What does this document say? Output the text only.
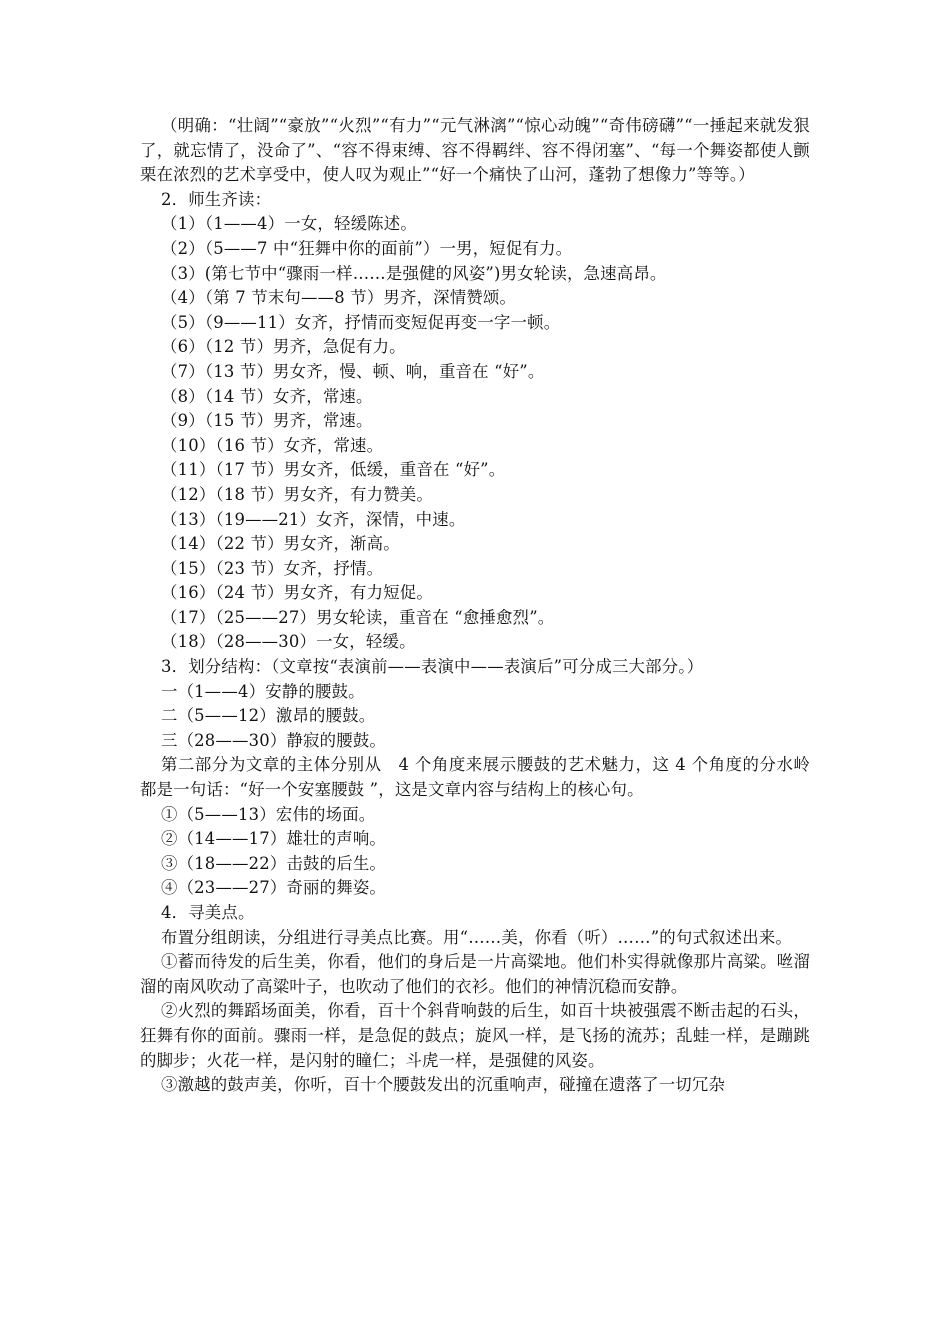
（明确：“壮阔”“豪放”“火烈”“有力”“元气淋漓”“惊心动魄”“奇伟磅礴”“一捶起来就发狠了，就忘情了，没命了”、“容不得束缚、容不得羁绊、容不得闭塞”、“每一个舞姿都使人颤栗在浓烈的艺术享受中，使人叹为观止”“好一个痛快了山河，蓬勃了想像力”等等。）

2．师生齐读：

（1）（1——4）一女，轻缓陈述。

（2）（5——7 中“狂舞中你的面前”）一男，短促有力。

（3）(第七节中“骤雨一样……是强健的风姿”)男女轮读，急速高昂。

（4）（第 7 节末句——8 节）男齐，深情赞颂。

（5）（9——11）女齐，抒情而变短促再变一字一顿。

（6）（12 节）男齐，急促有力。

（7）（13 节）男女齐，慢、顿、响，重音在 “好”。

（8）（14 节）女齐，常速。

（9）（15 节）男齐，常速。

（10）（16 节）女齐，常速。

（11）（17 节）男女齐，低缓，重音在 “好”。

（12）（18 节）男女齐，有力赞美。

（13）（19——21）女齐，深情，中速。

（14）（22 节）男女齐，渐高。

（15）（23 节）女齐，抒情。

（16）（24 节）男女齐，有力短促。

（17）（25——27）男女轮读，重音在 “愈捶愈烈”。

（18）（28——30）一女，轻缓。

3．划分结构：（文章按“表演前——表演中——表演后”可分成三大部分。）

一（1——4）安静的腰鼓。

二（5——12）激昂的腰鼓。

三（28——30）静寂的腰鼓。

第二部分为文章的主体分别从　4 个角度来展示腰鼓的艺术魅力，这 4 个角度的分水岭都是一句话：“好一个安塞腰鼓 ”，这是文章内容与结构上的核心句。

①（5——13）宏伟的场面。

②（14——17）雄壮的声响。

③（18——22）击鼓的后生。

④（23——27）奇丽的舞姿。

4．寻美点。

布置分组朗读，分组进行寻美点比赛。用“……美，你看（听）……”的句式叙述出来。

①蓄而待发的后生美，你看，他们的身后是一片高粱地。他们朴实得就像那片高粱。咝溜溜的南风吹动了高粱叶子，也吹动了他们的衣衫。他们的神情沉稳而安静。

②火烈的舞蹈场面美，你看，百十个斜背响鼓的后生，如百十块被强震不断击起的石头，狂舞有你的面前。骤雨一样，是急促的鼓点；旋风一样，是飞扬的流苏；乱蛙一样，是蹦跳的脚步；火花一样，是闪射的瞳仁；斗虎一样，是强健的风姿。

③激越的鼓声美，你听，百十个腰鼓发出的沉重响声，碰撞在遗落了一切冗杂
